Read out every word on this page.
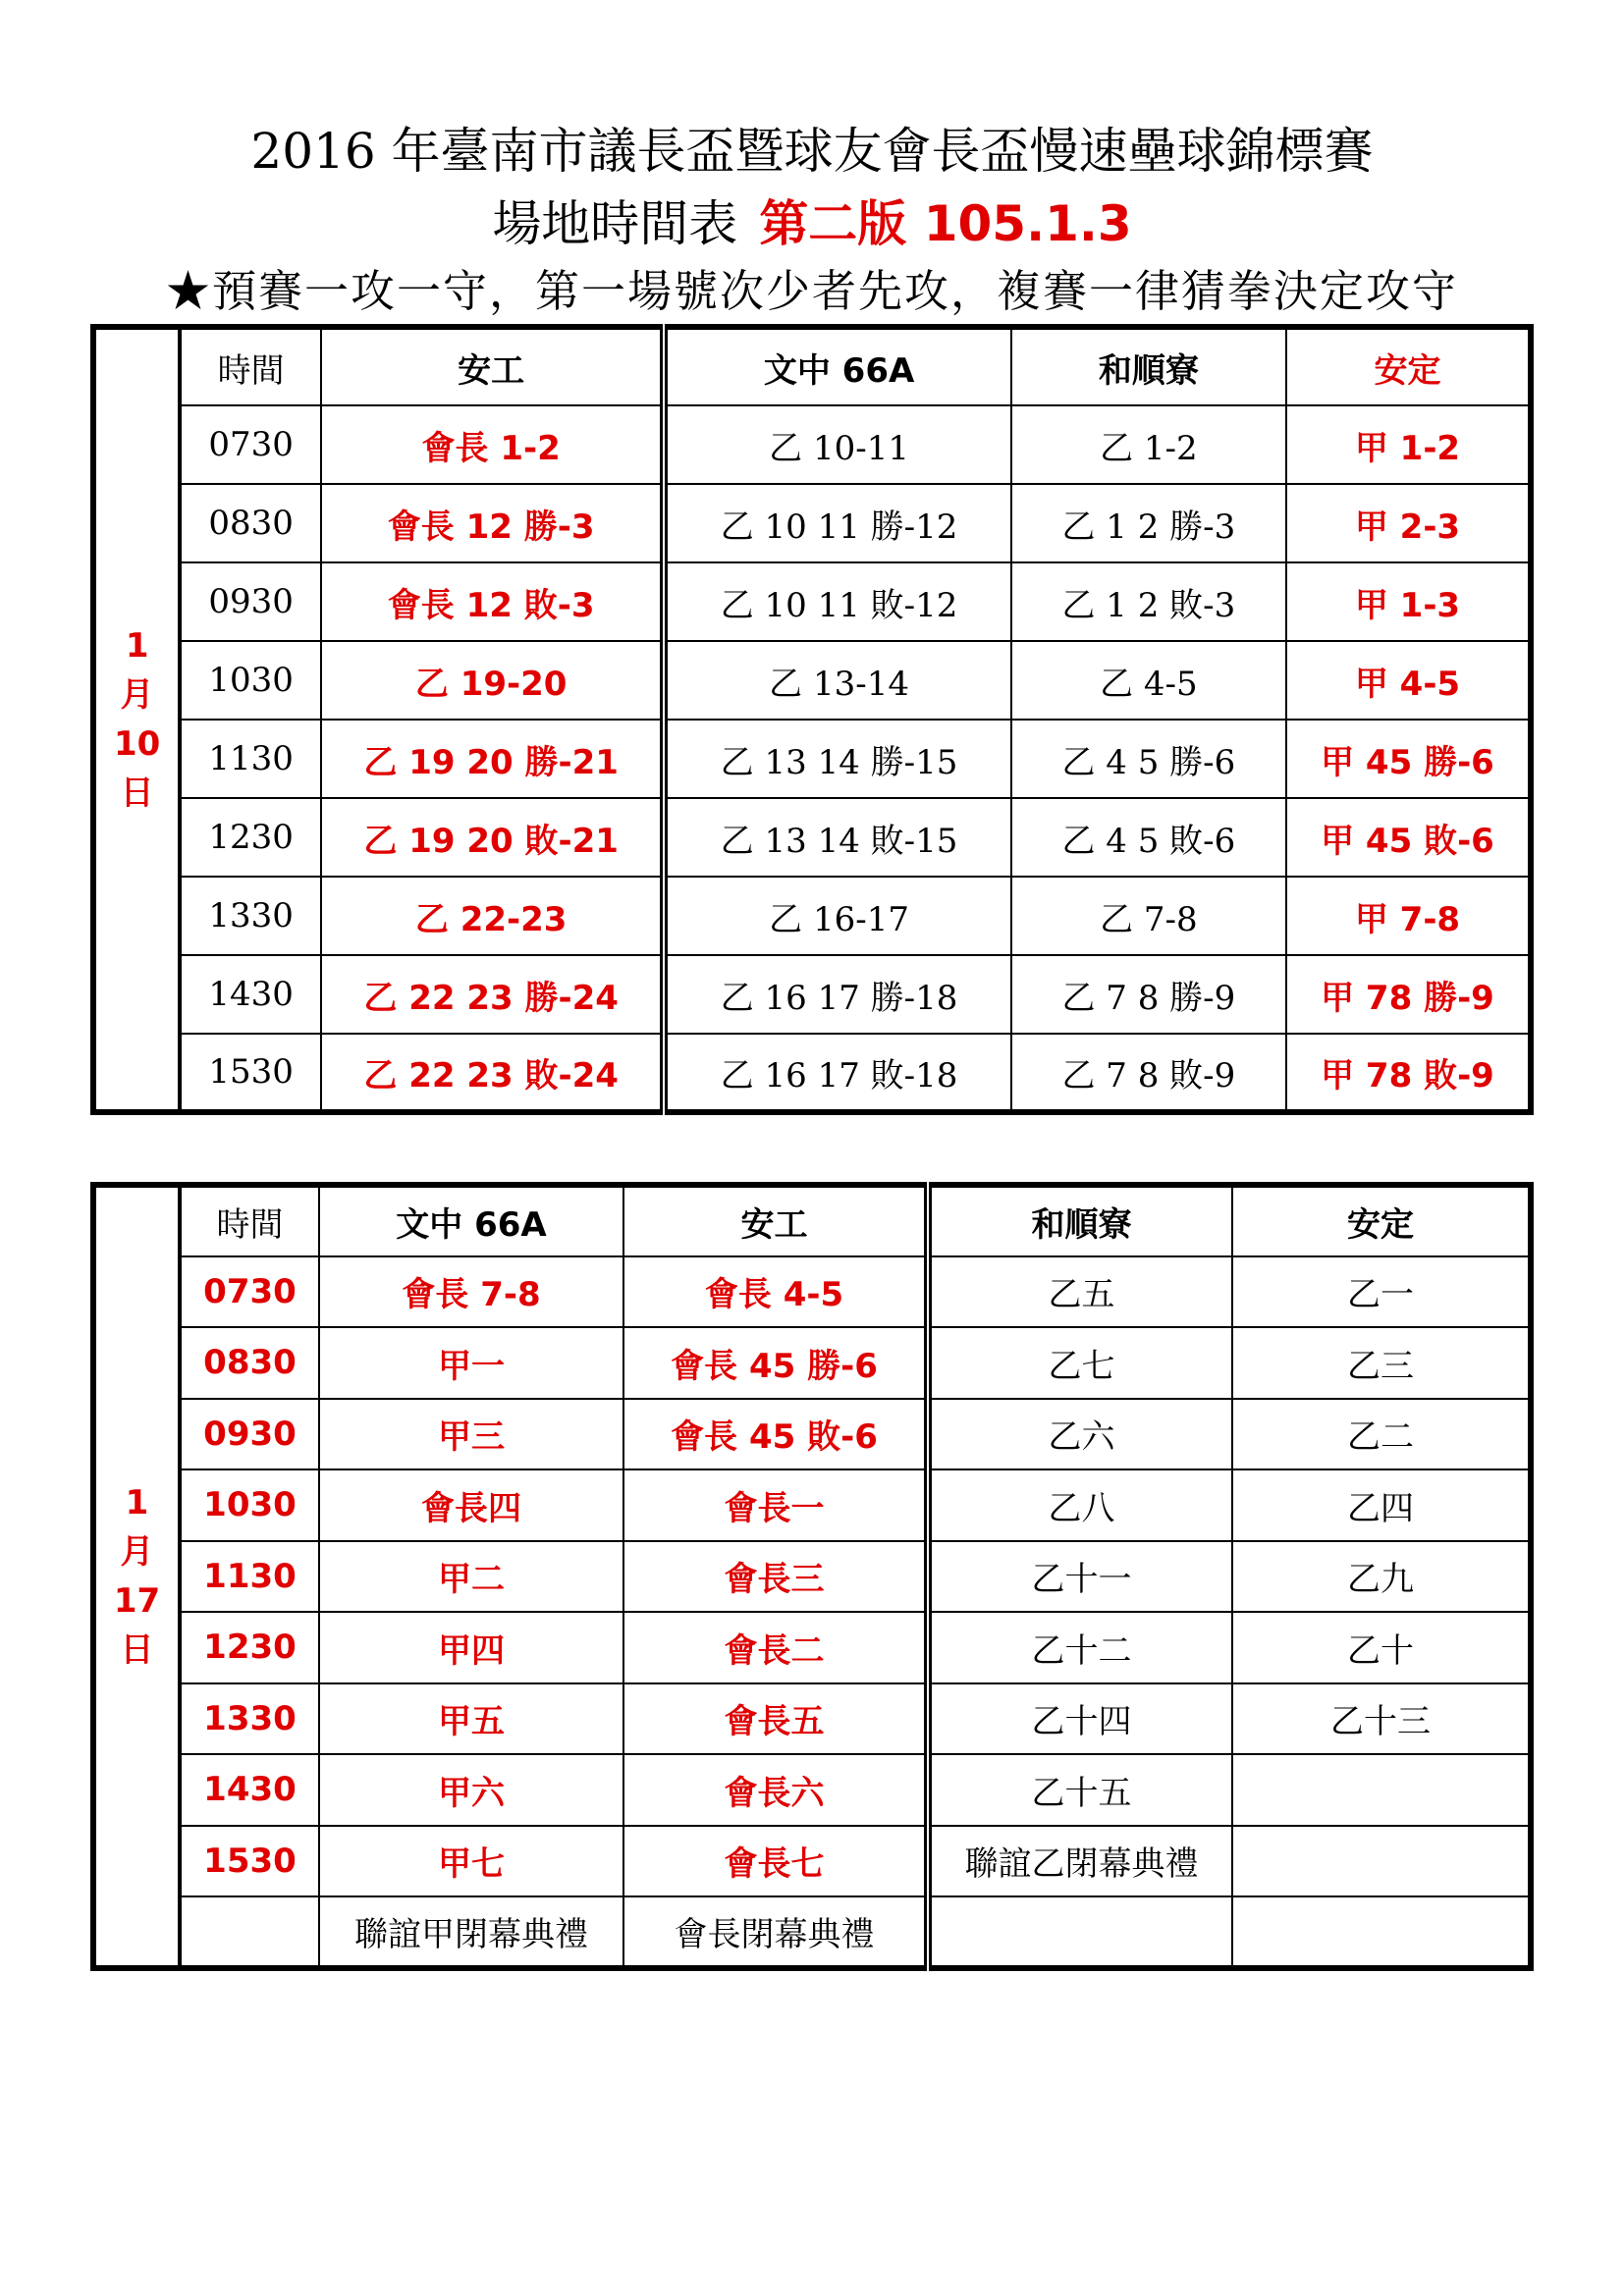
2016 年臺南市議長盃暨球友會長盃慢速壘球錦標賽
場地時間表 第二版 105.1.3
★預賽一攻一守，第一場號次少者先攻，複賽一律猜拳決定攻守
1
月
10
日	時間	安工	文中 66A	和順寮	安定
	0730	會長 1-2	乙 10-11	乙 1-2	甲 1-2
	0830	會長 12 勝-3	乙 10 11 勝-12	乙 1 2 勝-3	甲 2-3
	0930	會長 12 敗-3	乙 10 11 敗-12	乙 1 2 敗-3	甲 1-3
	1030	乙 19-20	乙 13-14	乙 4-5	甲 4-5
	1130	乙 19 20 勝-21	乙 13 14 勝-15	乙 4 5 勝-6	甲 45 勝-6
	1230	乙 19 20 敗-21	乙 13 14 敗-15	乙 4 5 敗-6	甲 45 敗-6
	1330	乙 22-23	乙 16-17	乙 7-8	甲 7-8
	1430	乙 22 23 勝-24	乙 16 17 勝-18	乙 7 8 勝-9	甲 78 勝-9
	1530	乙 22 23 敗-24	乙 16 17 敗-18	乙 7 8 敗-9	甲 78 敗-9
1
月
17
日	時間	文中 66A	安工	和順寮	安定
	0730	會長 7-8	會長 4-5	乙五	乙一
	0830	甲一	會長 45 勝-6	乙七	乙三
	0930	甲三	會長 45 敗-6	乙六	乙二
	1030	會長四	會長一	乙八	乙四
	1130	甲二	會長三	乙十一	乙九
	1230	甲四	會長二	乙十二	乙十
	1330	甲五	會長五	乙十四	乙十三
	1430	甲六	會長六	乙十五	
	1530	甲七	會長七	聯誼乙閉幕典禮	
		聯誼甲閉幕典禮	會長閉幕典禮		
